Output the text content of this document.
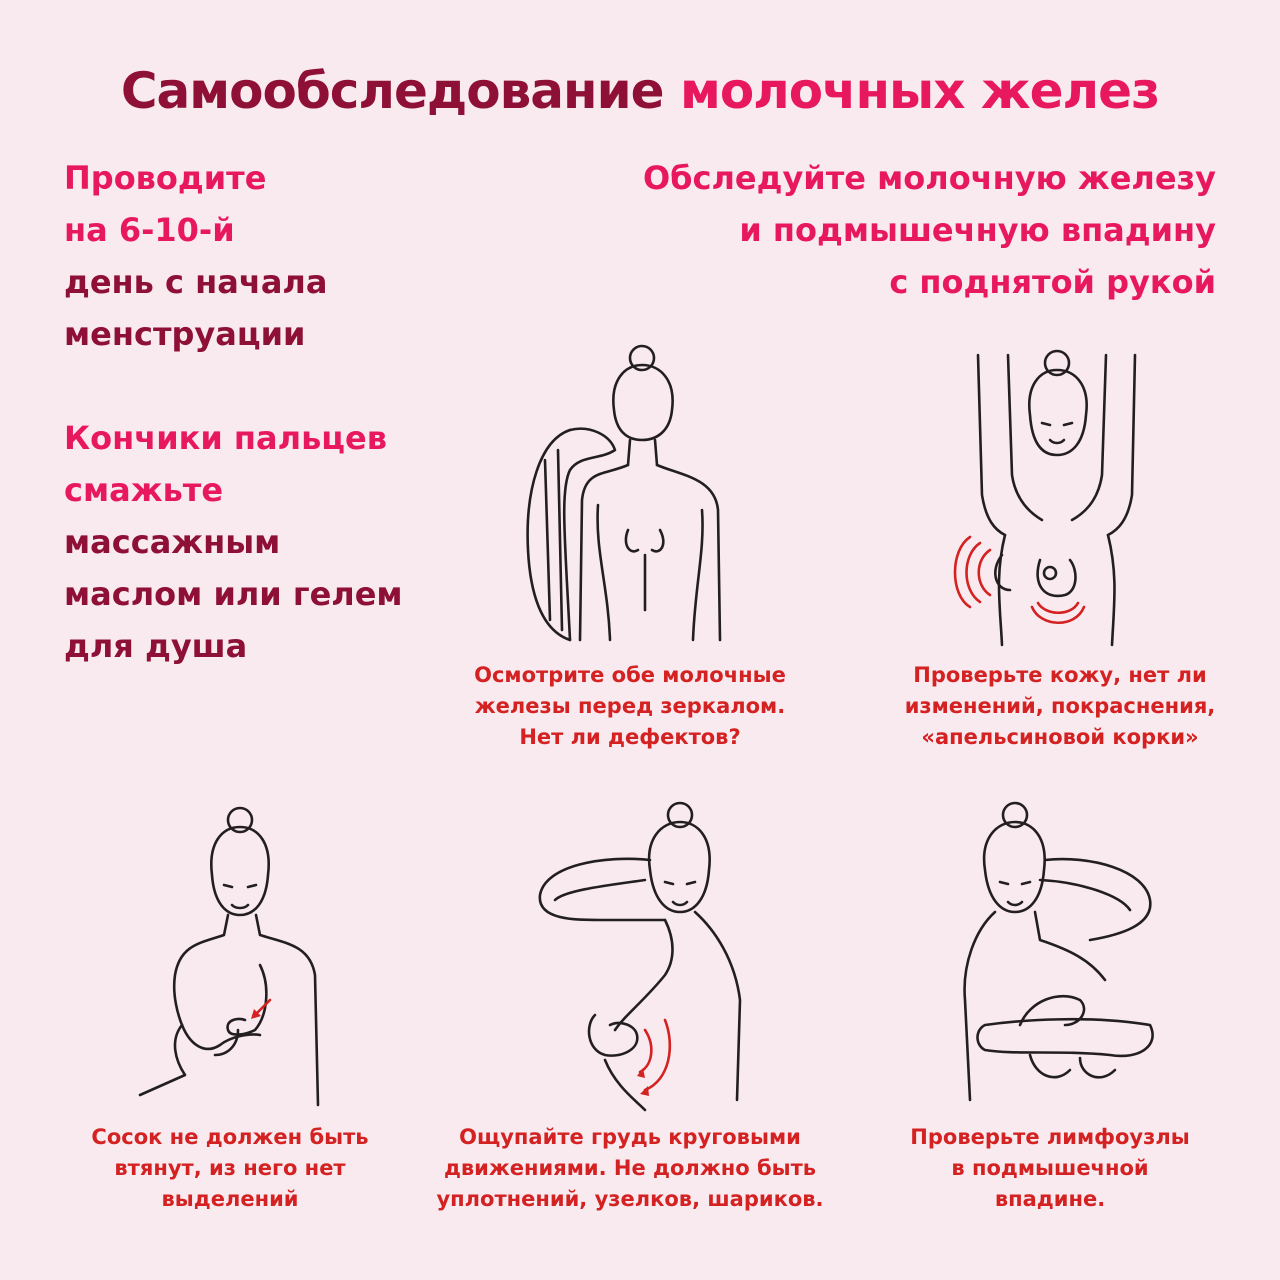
Самообследование молочных желез
Проводите
на 6-10-й
день с начала
менструации
Кончики пальцев
смажьте
массажным
маслом или гелем
для душа
Обследуйте молочную железу
и подмышечную впадину
с поднятой рукой
Осмотрите обе молочные
железы перед зеркалом.
Нет ли дефектов?
Проверьте кожу, нет ли
изменений, покраснения,
«апельсиновой корки»
Сосок не должен быть
втянут, из него нет
выделений
Ощупайте грудь круговыми
движениями. Не должно быть
уплотнений, узелков, шариков.
Проверьте лимфоузлы
в подмышечной
впадине.
